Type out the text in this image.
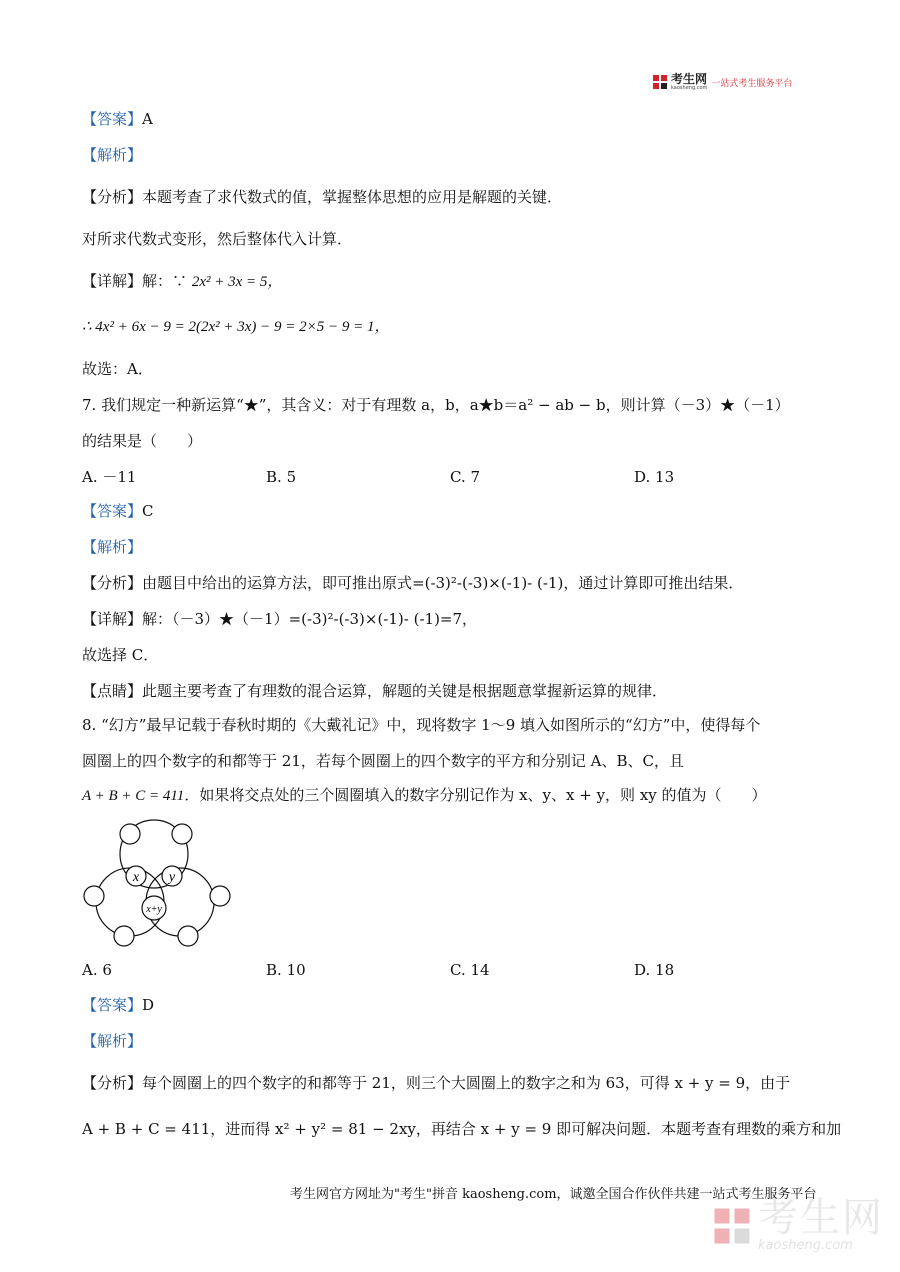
考生网
kaosheng.com 一站式考生服务平台
【答案】A
【解析】
【分析】本题考查了求代数式的值，掌握整体思想的应用是解题的关键．
对所求代数式变形，然后整体代入计算．
【详解】解：∵ 2x² + 3x = 5，
∴ 4x² + 6x − 9 = 2(2x² + 3x) − 9 = 2×5 − 9 = 1，
故选：A．
7. 我们规定一种新运算“★”，其含义：对于有理数 a，b，a★b＝a² − ab − b，则计算（－3）★（－1）
的结果是（　　）
A. －11	B. 5	C. 7	D. 13
【答案】C
【解析】
【分析】由题目中给出的运算方法，即可推出原式=(-3)²-(-3)×(-1)- (-1)，通过计算即可推出结果．
【详解】解：（－3）★（－1）=(-3)²-(-3)×(-1)- (-1)=7，
故选择 C．
【点睛】此题主要考查了有理数的混合运算，解题的关键是根据题意掌握新运算的规律．
8. “幻方”最早记载于春秋时期的《大戴礼记》中，现将数字 1～9 填入如图所示的“幻方”中，使得每个
圆圈上的四个数字的和都等于 21，若每个圆圈上的四个数字的平方和分别记 A、B、C，且
A + B + C = 411．如果将交点处的三个圆圈填入的数字分别记作为 x、y、x + y，则 xy 的值为（　　）
x y
x+y
A. 6	B. 10	C. 14	D. 18
【答案】D
【解析】
【分析】每个圆圈上的四个数字的和都等于 21，则三个大圆圈上的数字之和为 63，可得 x + y = 9，由于
A + B + C = 411，进而得 x² + y² = 81 − 2xy，再结合 x + y = 9 即可解决问题．本题考查有理数的乘方和加
考生网官方网址为"考生"拼音 kaosheng.com，诚邀全国合作伙伴共建一站式考生服务平台
考生网
kaosheng.com
